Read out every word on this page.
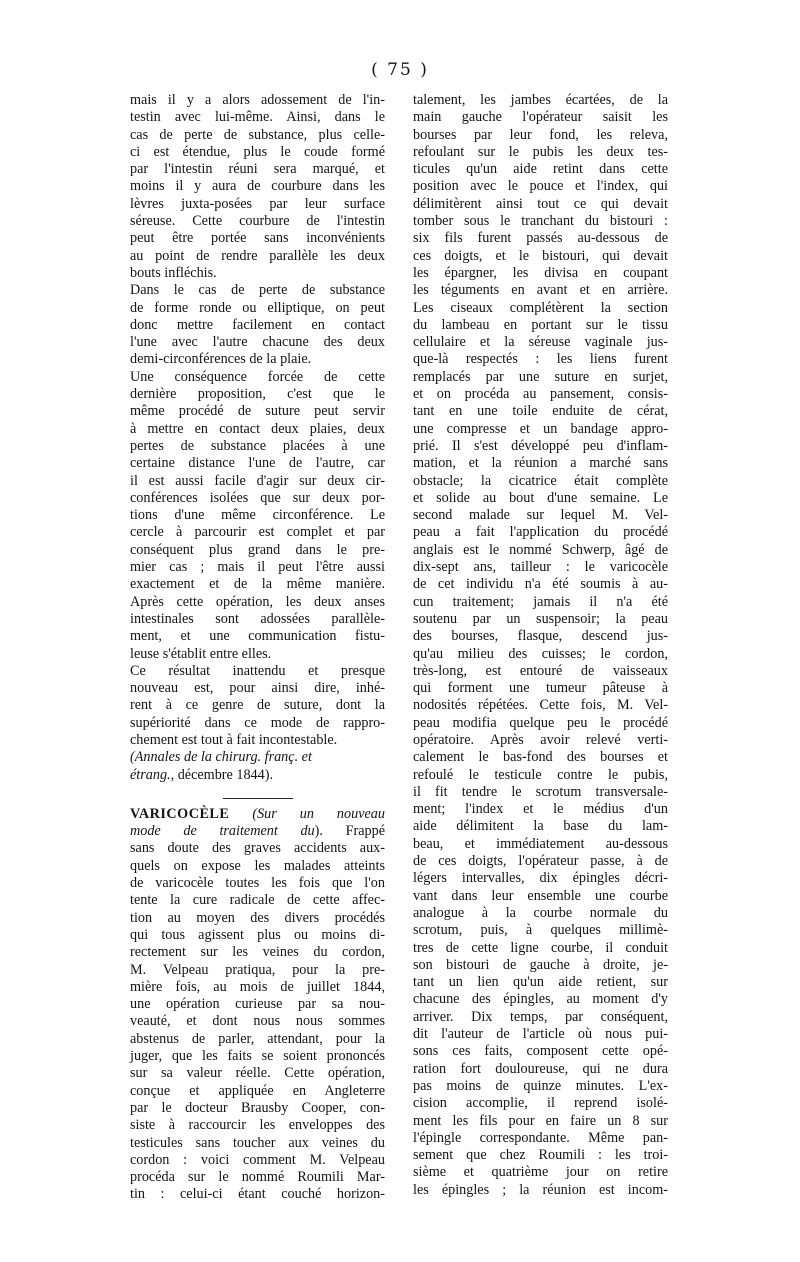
( 75 )
mais il y a alors adossement de l'in-
testin avec lui-même. Ainsi, dans le
cas de perte de substance, plus celle-
ci est étendue, plus le coude formé
par l'intestin réuni sera marqué, et
moins il y aura de courbure dans les
lèvres juxta-posées par leur surface
séreuse. Cette courbure de l'intestin
peut être portée sans inconvénients
au point de rendre parallèle les deux
bouts infléchis.
Dans le cas de perte de substance
de forme ronde ou elliptique, on peut
donc mettre facilement en contact
l'une avec l'autre chacune des deux
demi-circonférences de la plaie.
Une conséquence forcée de cette
dernière proposition, c'est que le
même procédé de suture peut servir
à mettre en contact deux plaies, deux
pertes de substance placées à une
certaine distance l'une de l'autre, car
il est aussi facile d'agir sur deux cir-
conférences isolées que sur deux por-
tions d'une même circonférence. Le
cercle à parcourir est complet et par
conséquent plus grand dans le pre-
mier cas ; mais il peut l'être aussi
exactement et de la même manière.
Après cette opération, les deux anses
intestinales sont adossées parallèle-
ment, et une communication fistu-
leuse s'établit entre elles.
Ce résultat inattendu et presque
nouveau est, pour ainsi dire, inhé-
rent à ce genre de suture, dont la
supériorité dans ce mode de rappro-
chement est tout à fait incontestable.
(Annales de la chirurg. franç. et
étrang., décembre 1844).
VARICOCÈLE (Sur un nouveau
mode de traitement du). Frappé
sans doute des graves accidents aux-
quels on expose les malades atteints
de varicocèle toutes les fois que l'on
tente la cure radicale de cette affec-
tion au moyen des divers procédés
qui tous agissent plus ou moins di-
rectement sur les veines du cordon,
M. Velpeau pratiqua, pour la pre-
mière fois, au mois de juillet 1844,
une opération curieuse par sa nou-
veauté, et dont nous nous sommes
abstenus de parler, attendant, pour la
juger, que les faits se soient prononcés
sur sa valeur réelle. Cette opération,
conçue et appliquée en Angleterre
par le docteur Brausby Cooper, con-
siste à raccourcir les enveloppes des
testicules sans toucher aux veines du
cordon : voici comment M. Velpeau
procéda sur le nommé Roumili Mar-
tin : celui-ci étant couché horizon-
talement, les jambes écartées, de la
main gauche l'opérateur saisit les
bourses par leur fond, les releva,
refoulant sur le pubis les deux tes-
ticules qu'un aide retint dans cette
position avec le pouce et l'index, qui
délimitèrent ainsi tout ce qui devait
tomber sous le tranchant du bistouri :
six fils furent passés au-dessous de
ces doigts, et le bistouri, qui devait
les épargner, les divisa en coupant
les téguments en avant et en arrière.
Les ciseaux complétèrent la section
du lambeau en portant sur le tissu
cellulaire et la séreuse vaginale jus-
que-là respectés : les liens furent
remplacés par une suture en surjet,
et on procéda au pansement, consis-
tant en une toile enduite de cérat,
une compresse et un bandage appro-
prié. Il s'est développé peu d'inflam-
mation, et la réunion a marché sans
obstacle; la cicatrice était complète
et solide au bout d'une semaine. Le
second malade sur lequel M. Vel-
peau a fait l'application du procédé
anglais est le nommé Schwerp, âgé de
dix-sept ans, tailleur : le varicocèle
de cet individu n'a été soumis à au-
cun traitement; jamais il n'a été
soutenu par un suspensoir; la peau
des bourses, flasque, descend jus-
qu'au milieu des cuisses; le cordon,
très-long, est entouré de vaisseaux
qui forment une tumeur pâteuse à
nodosités répétées. Cette fois, M. Vel-
peau modifia quelque peu le procédé
opératoire. Après avoir relevé verti-
calement le bas-fond des bourses et
refoulé le testicule contre le pubis,
il fit tendre le scrotum transversale-
ment; l'index et le médius d'un
aide délimitent la base du lam-
beau, et immédiatement au-dessous
de ces doigts, l'opérateur passe, à de
légers intervalles, dix épingles décri-
vant dans leur ensemble une courbe
analogue à la courbe normale du
scrotum, puis, à quelques millimè-
tres de cette ligne courbe, il conduit
son bistouri de gauche à droite, je-
tant un lien qu'un aide retient, sur
chacune des épingles, au moment d'y
arriver. Dix temps, par conséquent,
dit l'auteur de l'article où nous pui-
sons ces faits, composent cette opé-
ration fort douloureuse, qui ne dura
pas moins de quinze minutes. L'ex-
cision accomplie, il reprend isolé-
ment les fils pour en faire un 8 sur
l'épingle correspondante. Même pan-
sement que chez Roumili : les troi-
sième et quatrième jour on retire
les épingles ; la réunion est incom-
